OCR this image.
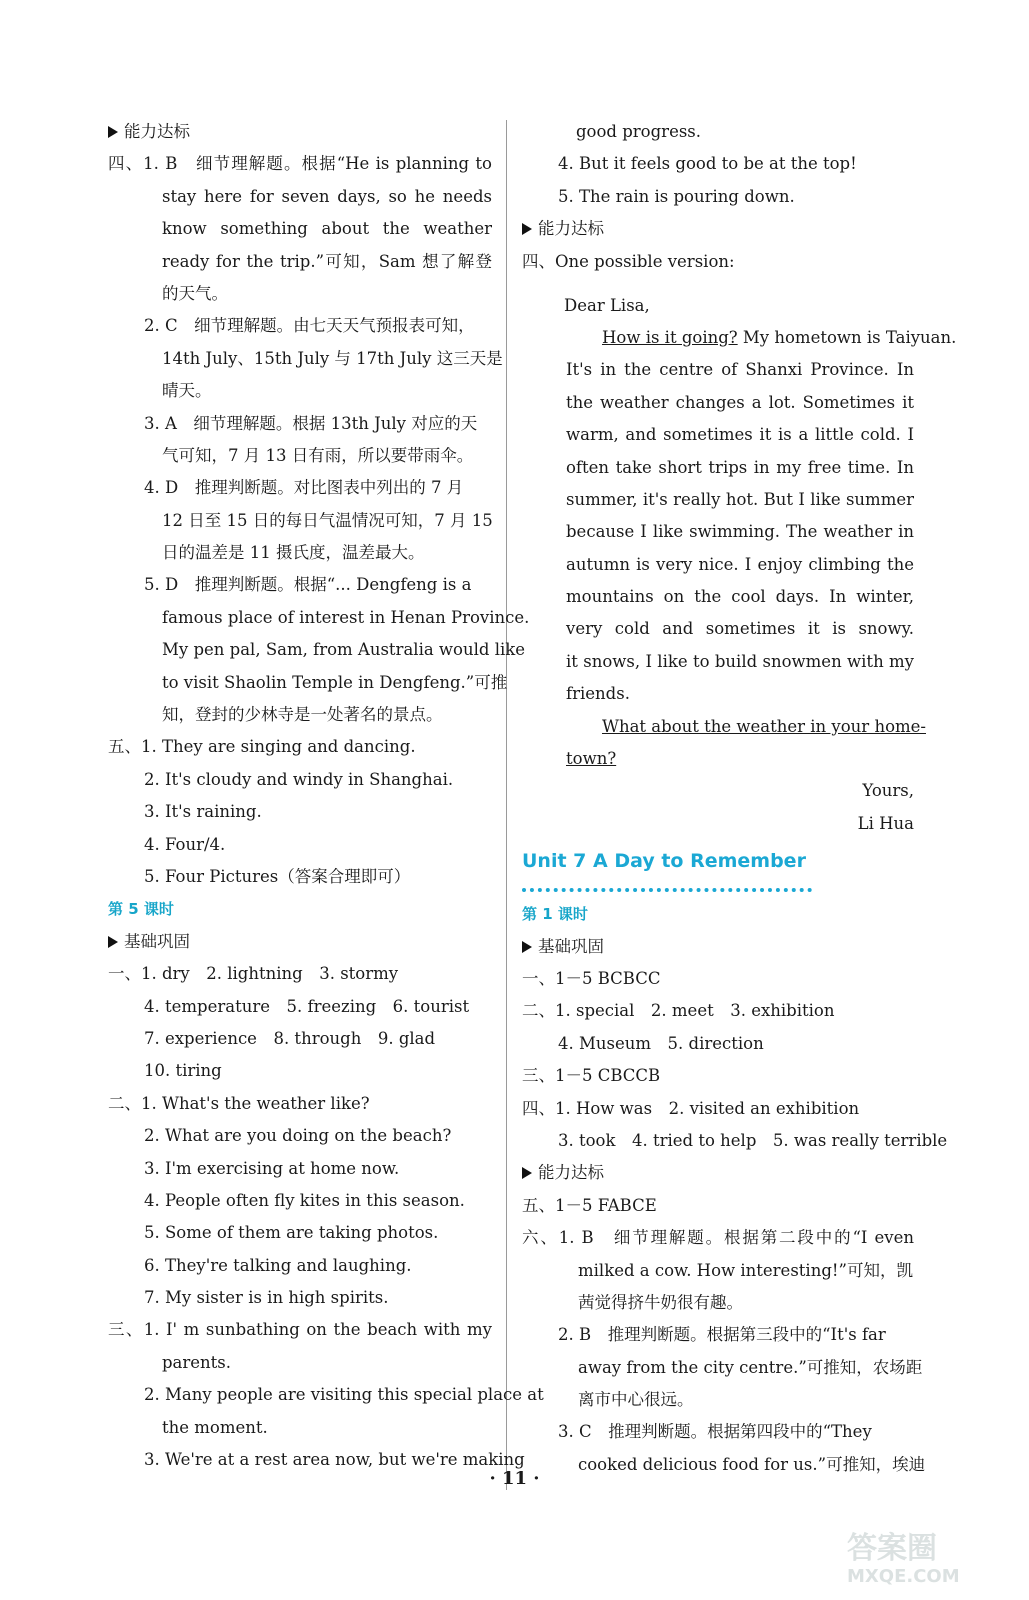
能力达标
四、1. B　细节理解题。根据“He is planning to
stay here for seven days, so he needs
know something about the weather
ready for the trip.”可知，Sam 想了解登
的天气。
2. C　细节理解题。由七天天气预报表可知，
14th July、15th July 与 17th July 这三天是
晴天。
3. A　细节理解题。根据 13th July 对应的天
气可知，7 月 13 日有雨，所以要带雨伞。
4. D　推理判断题。对比图表中列出的 7 月
12 日至 15 日的每日气温情况可知，7 月 15
日的温差是 11 摄氏度，温差最大。
5. D　推理判断题。根据“... Dengfeng is a
famous place of interest in Henan Province.
My pen pal, Sam, from Australia would like
to visit Shaolin Temple in Dengfeng.”可推
知，登封的少林寺是一处著名的景点。
五、1. They are singing and dancing.
2. It's cloudy and windy in Shanghai.
3. It's raining.
4. Four/4.
5. Four Pictures（答案合理即可）
第 5 课时
基础巩固
一、1. dry　2. lightning　3. stormy
4. temperature　5. freezing　6. tourist
7. experience　8. through　9. glad
10. tiring
二、1. What's the weather like?
2. What are you doing on the beach?
3. I'm exercising at home now.
4. People often fly kites in this season.
5. Some of them are taking photos.
6. They're talking and laughing.
7. My sister is in high spirits.
三、1. I' m sunbathing on the beach with my
parents.
2. Many people are visiting this special place at
the moment.
3. We're at a rest area now, but we're making
good progress.
4. But it feels good to be at the top!
5. The rain is pouring down.
能力达标
四、One possible version:
Dear Lisa,
How is it going? My hometown is Taiyuan.
It's in the centre of Shanxi Province. In
the weather changes a lot. Sometimes it
warm, and sometimes it is a little cold. I
often take short trips in my free time. In
summer, it's really hot. But I like summer
because I like swimming. The weather in
autumn is very nice. I enjoy climbing the
mountains on the cool days. In winter,
very cold and sometimes it is snowy.
it snows, I like to build snowmen with my
friends.
What about the weather in your home-
town?
Yours,
Li Hua
Unit 7 A Day to Remember
第 1 课时
基础巩固
一、1－5 BCBCC
二、1. special　2. meet　3. exhibition
4. Museum　5. direction
三、1－5 CBCCB
四、1. How was　2. visited an exhibition
3. took　4. tried to help　5. was really terrible
能力达标
五、1－5 FABCE
六、1. B　细节理解题。根据第二段中的“I even
milked a cow. How interesting!”可知，凯
茜觉得挤牛奶很有趣。
2. B　推理判断题。根据第三段中的“It's far
away from the city centre.”可推知，农场距
离市中心很远。
3. C　推理判断题。根据第四段中的“They
cooked delicious food for us.”可推知，埃迪
· 11 ·
答案圈
MXQE.COM
